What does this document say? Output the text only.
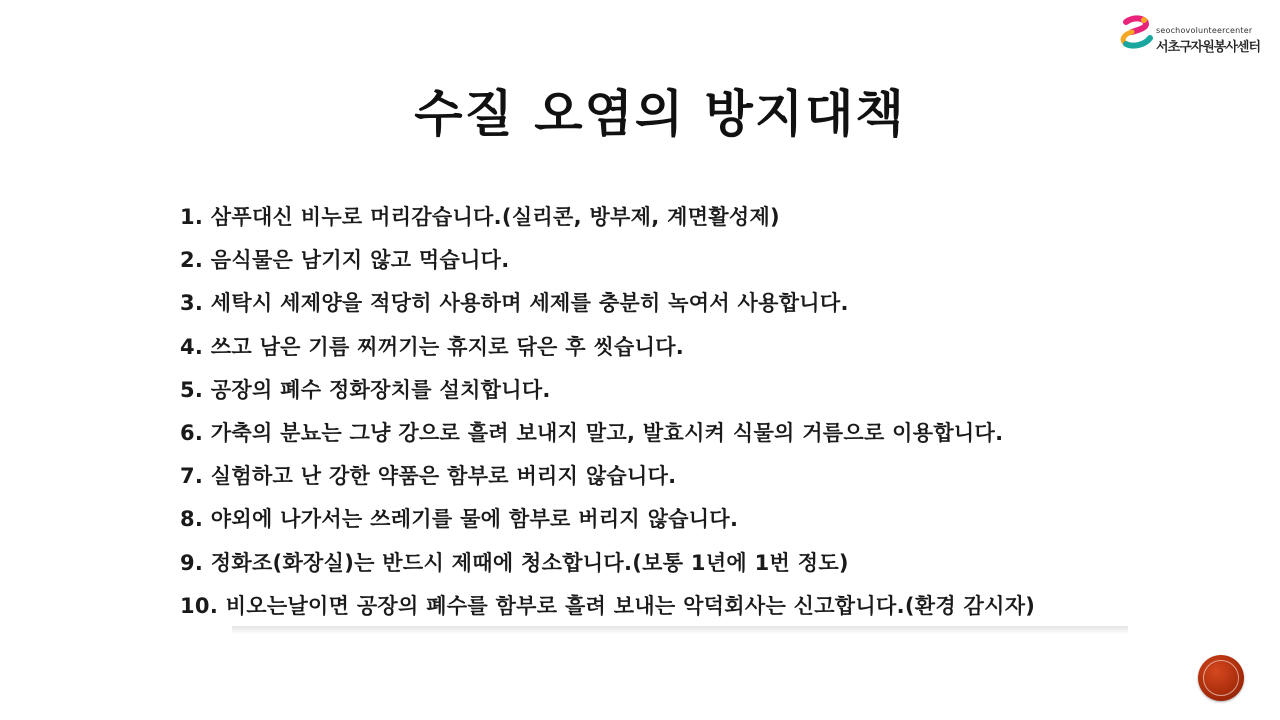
seochovolunteercenter
서초구자원봉사센터
수질 오염의 방지대책
1. 삼푸대신 비누로 머리감습니다.(실리콘, 방부제, 계면활성제)
2. 음식물은 남기지 않고 먹습니다.
3. 세탁시 세제양을 적당히 사용하며 세제를 충분히 녹여서 사용합니다.
4. 쓰고 남은 기름 찌꺼기는 휴지로 닦은 후 씻습니다.
5. 공장의 폐수 정화장치를 설치합니다.
6. 가축의 분뇨는 그냥 강으로 흘려 보내지 말고, 발효시켜 식물의 거름으로 이용합니다.
7. 실험하고 난 강한 약품은 함부로 버리지 않습니다.
8. 야외에 나가서는 쓰레기를 물에 함부로 버리지 않습니다.
9. 정화조(화장실)는 반드시 제때에 청소합니다.(보통 1년에 1번 정도)
10. 비오는날이면 공장의 폐수를 함부로 흘려 보내는 악덕회사는 신고합니다.(환경 감시자)
